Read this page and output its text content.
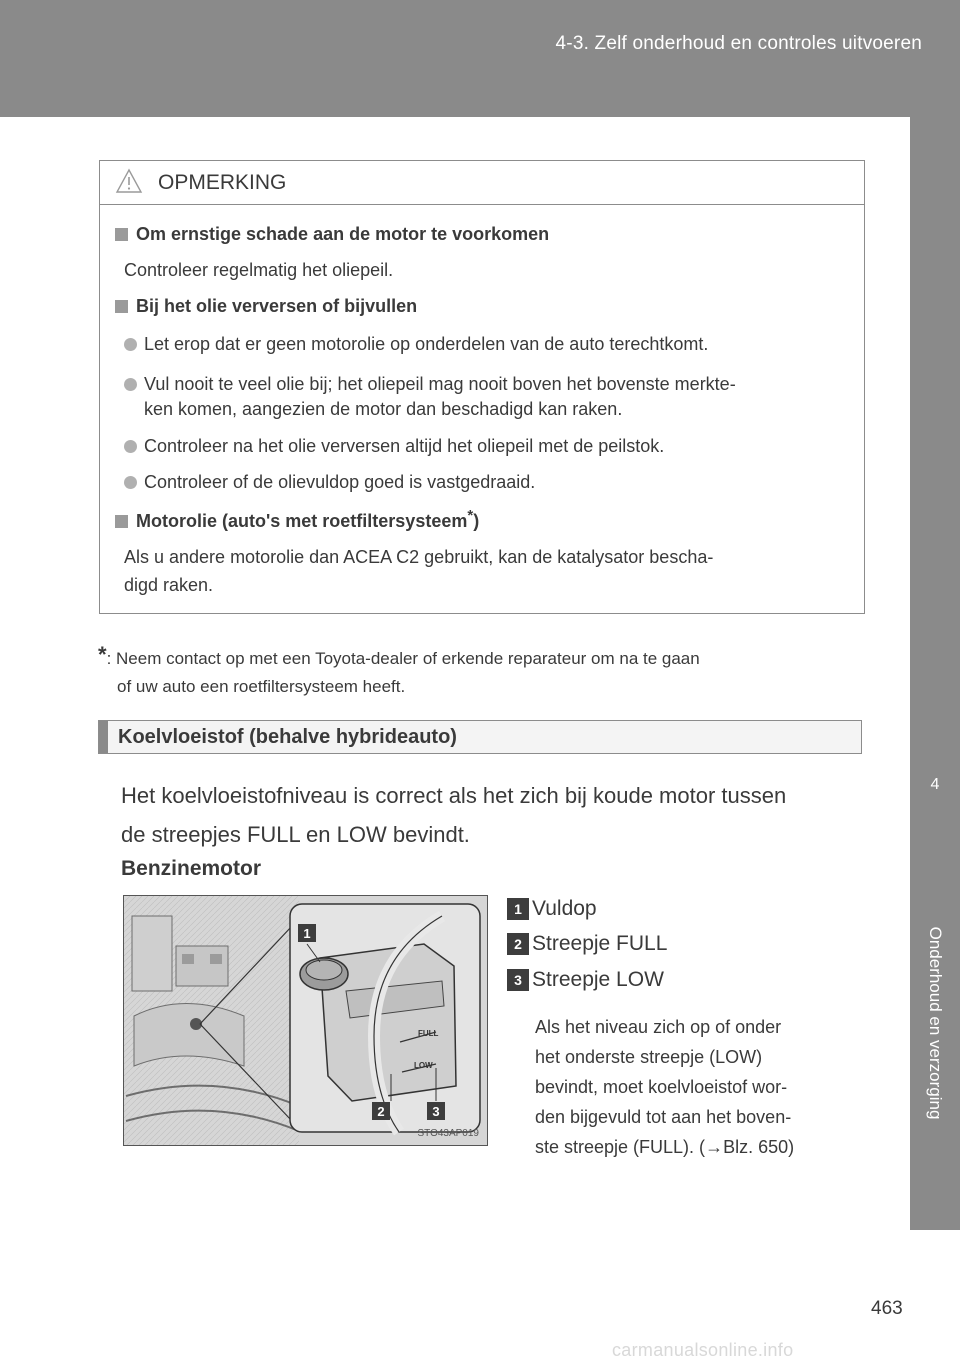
4-3. Zelf onderhoud en controles uitvoeren
4
Onderhoud en verzorging
OPMERKING
Om ernstige schade aan de motor te voorkomen
Controleer regelmatig het oliepeil.
Bij het olie verversen of bijvullen
Let erop dat er geen motorolie op onderdelen van de auto terechtkomt.
Vul nooit te veel olie bij; het oliepeil mag nooit boven het bovenste merkte-
ken komen, aangezien de motor dan beschadigd kan raken.
Controleer na het olie verversen altijd het oliepeil met de peilstok.
Controleer of de olievuldop goed is vastgedraaid.
Motorolie (auto's met roetfiltersysteem*)
Als u andere motorolie dan ACEA C2 gebruikt, kan de katalysator bescha-
digd raken.
*: Neem contact op met een Toyota-dealer of erkende reparateur om na te gaan
of uw auto een roetfiltersysteem heeft.
Koelvloeistof (behalve hybrideauto)
Het koelvloeistofniveau is correct als het zich bij koude motor tussen
de streepjes FULL en LOW bevindt.
Benzinemotor
FULL
LOW
1
2	3
STO43AP019
1 Vuldop
2 Streepje FULL
3 Streepje LOW
Als het niveau zich op of onder
het onderste streepje (LOW)
bevindt, moet koelvloeistof wor-
den bijgevuld tot aan het boven-
ste streepje (FULL). (→Blz. 650)
463
carmanualsonline.info
